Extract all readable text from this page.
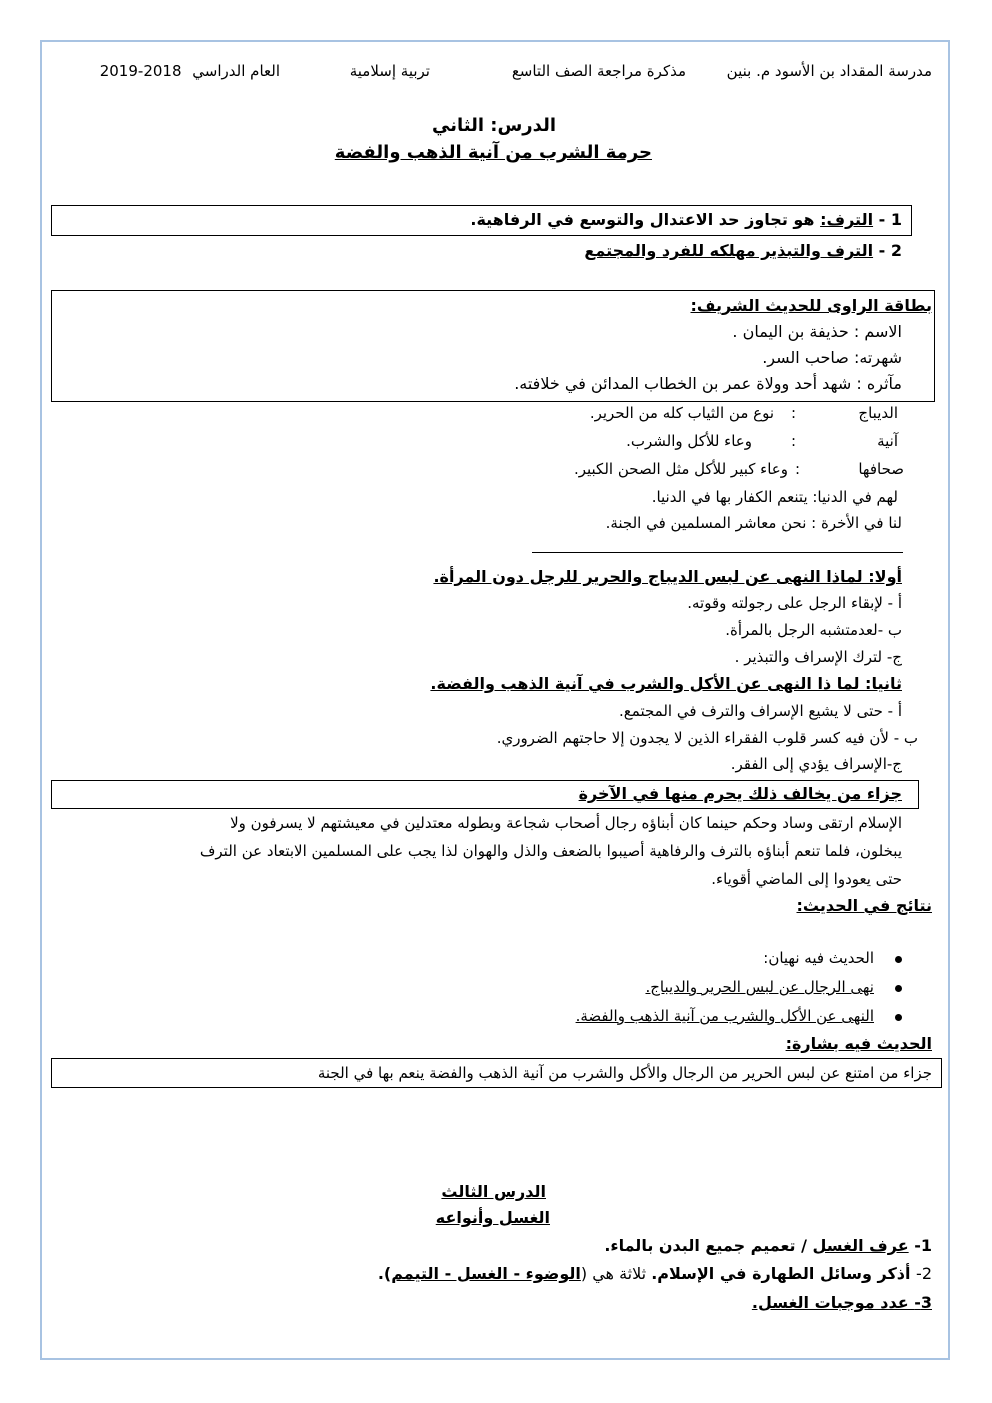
مدرسة المقداد بن الأسود م. بنين
مذكرة مراجعة الصف التاسع
تربية إسلامية
العام الدراسي 2018-2019
الدرس: الثاني
حرمة الشرب من آنية الذهب والفضة
1 - الترف: هو تجاوز حد الاعتدال والتوسع في الرفاهية.
2 - الترف والتبذير مهلكه للفرد والمجتمع
بطاقة الراوى للحديث الشريف:
الاسم : حذيفة بن اليمان .
شهرته: صاحب السر.
مآثره : شهد أحد وولاة عمر بن الخطاب المدائن في خلافته.
الديباج
:
نوع من الثياب كله من الحرير.
آنية
:
وعاء للأكل والشرب.
صحافها
:
وعاء كبير للأكل مثل الصحن الكبير.
لهم في الدنيا: يتنعم الكفار بها في الدنيا.
لنا في الأخرة : نحن معاشر المسلمين في الجنة.
أولا: لماذا النهى عن لبس الديباج والحرير للرجل دون المرأة.
أ - لإبقاء الرجل على رجولته وقوته.
ب -لعدمتشبه الرجل بالمرأة.
ج- لترك الإسراف والتبذير .
ثانيا: لما ذا النهى عن الأكل والشرب في آنية الذهب والفضة.
أ - حتى لا يشيع الإسراف والترف في المجتمع.
ب - لأن فيه كسر قلوب الفقراء الذين لا يجدون إلا حاجتهم الضروري.
ج-الإسراف يؤدي إلى الفقر.
جزاء من يخالف ذلك يحرم منها في الآخرة
الإسلام ارتقى وساد وحكم حينما كان أبناؤه رجال أصحاب شجاعة وبطوله معتدلين في معيشتهم لا يسرفون ولا
يبخلون، فلما تنعم أبناؤه بالترف والرفاهية أصيبوا بالضعف والذل والهوان لذا يجب على المسلمين الابتعاد عن الترف
حتى يعودوا إلى الماضي أقوياء.
نتائج في الحديث:
الحديث فيه نهيان:
نهى الرجال عن لبس الحرير والديباج.
النهى عن الأكل والشرب من آنية الذهب والفضة.
الحديث فيه بشارة:
جزاء من امتنع عن لبس الحرير من الرجال والأكل والشرب من آنية الذهب والفضة ينعم بها في الجنة
الدرس الثالث
الغسل وأنواعه
1- عرف الغسل / تعميم جميع البدن بالماء.
2- أذكر وسائل الطهارة في الإسلام. ثلاثة هي (الوضوء - الغسل - التيمم).
3- عدد موجبات الغسل.
